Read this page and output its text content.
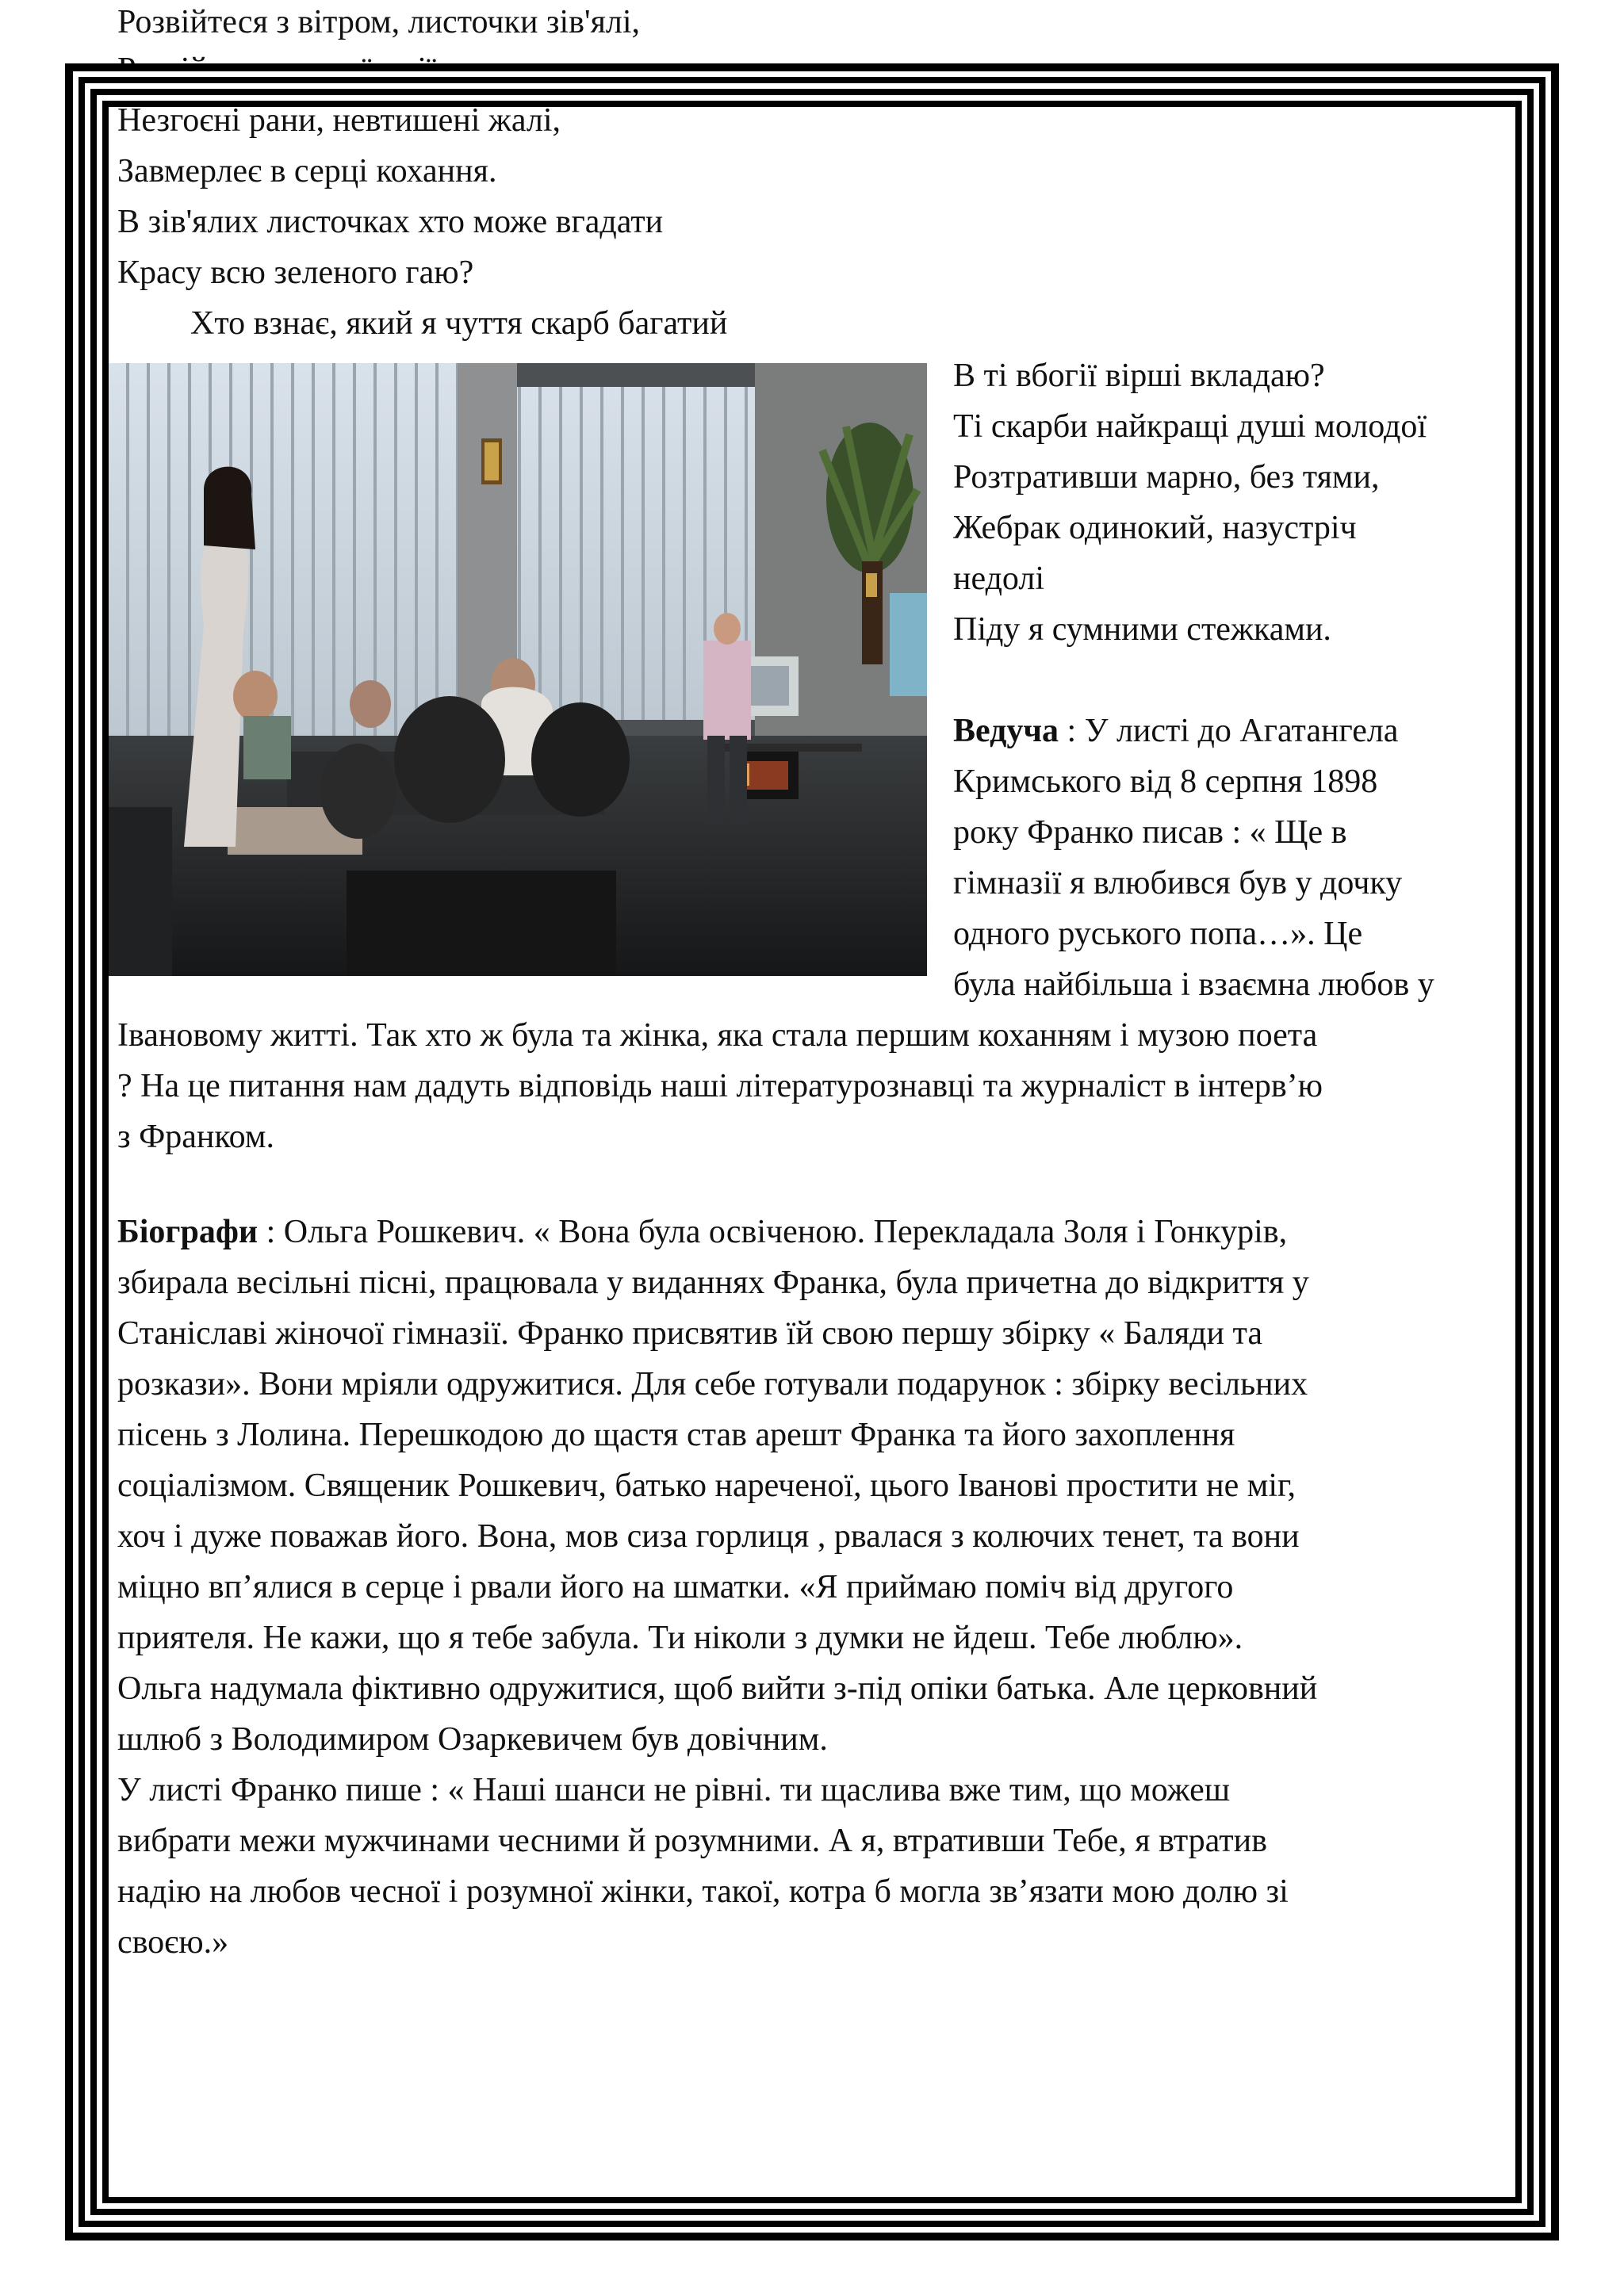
Розвійтеся з вітром, листочки зів'ялі,
Незгоєні рани, невтишені жалі,
Завмерлеє в серці кохання.
В зів'ялих листочках хто може вгадати
Красу всю зеленого гаю?
Хто взнає, який я чуття скарб багатий
В ті вбогії вірші вкладаю?
Ті скарби найкращі душі молодої
Розтративши марно, без тями,
Жебрак одинокий, назустріч
недолі
Піду я сумними стежками.
Ведуча : У листі до Агатангела
Кримського від 8 серпня 1898
року Франко писав : « Ще в
гімназії я влюбився був у дочку
одного руського попа…». Це
була найбільша і взаємна любов у
Івановому житті. Так хто ж була та жінка, яка стала першим коханням і музою поета
? На це питання нам дадуть відповідь наші літературознавці та журналіст в інтерв’ю
з Франком.
Біографи : Ольга Рошкевич. « Вона була освіченою. Перекладала Золя і Гонкурів,
збирала весільні пісні, працювала у виданнях Франка, була причетна до відкриття у
Станіславі жіночої гімназії. Франко присвятив їй свою першу збірку « Баляди та
розкази». Вони мріяли одружитися. Для себе готували подарунок : збірку весільних
пісень з Лолина. Перешкодою до щастя став арешт Франка та його захоплення
соціалізмом. Священик Рошкевич, батько нареченої, цього Іванові простити не міг,
хоч і дуже поважав його. Вона, мов сиза горлиця , рвалася з колючих тенет, та вони
міцно вп’ялися в серце і рвали його на шматки. «Я приймаю поміч від другого
приятеля. Не кажи, що я тебе забула. Ти ніколи з думки не йдеш. Тебе люблю».
Ольга надумала фіктивно одружитися, щоб вийти з-під опіки батька. Але церковний
шлюб з Володимиром Озаркевичем був довічним.
У листі Франко пише : « Наші шанси не рівні. ти щаслива вже тим, що можеш
вибрати межи мужчинами чесними й розумними. А я, втративши Тебе, я втратив
надію на любов чесної і розумної жінки, такої, котра б могла зв’язати мою долю зі
своєю.»
